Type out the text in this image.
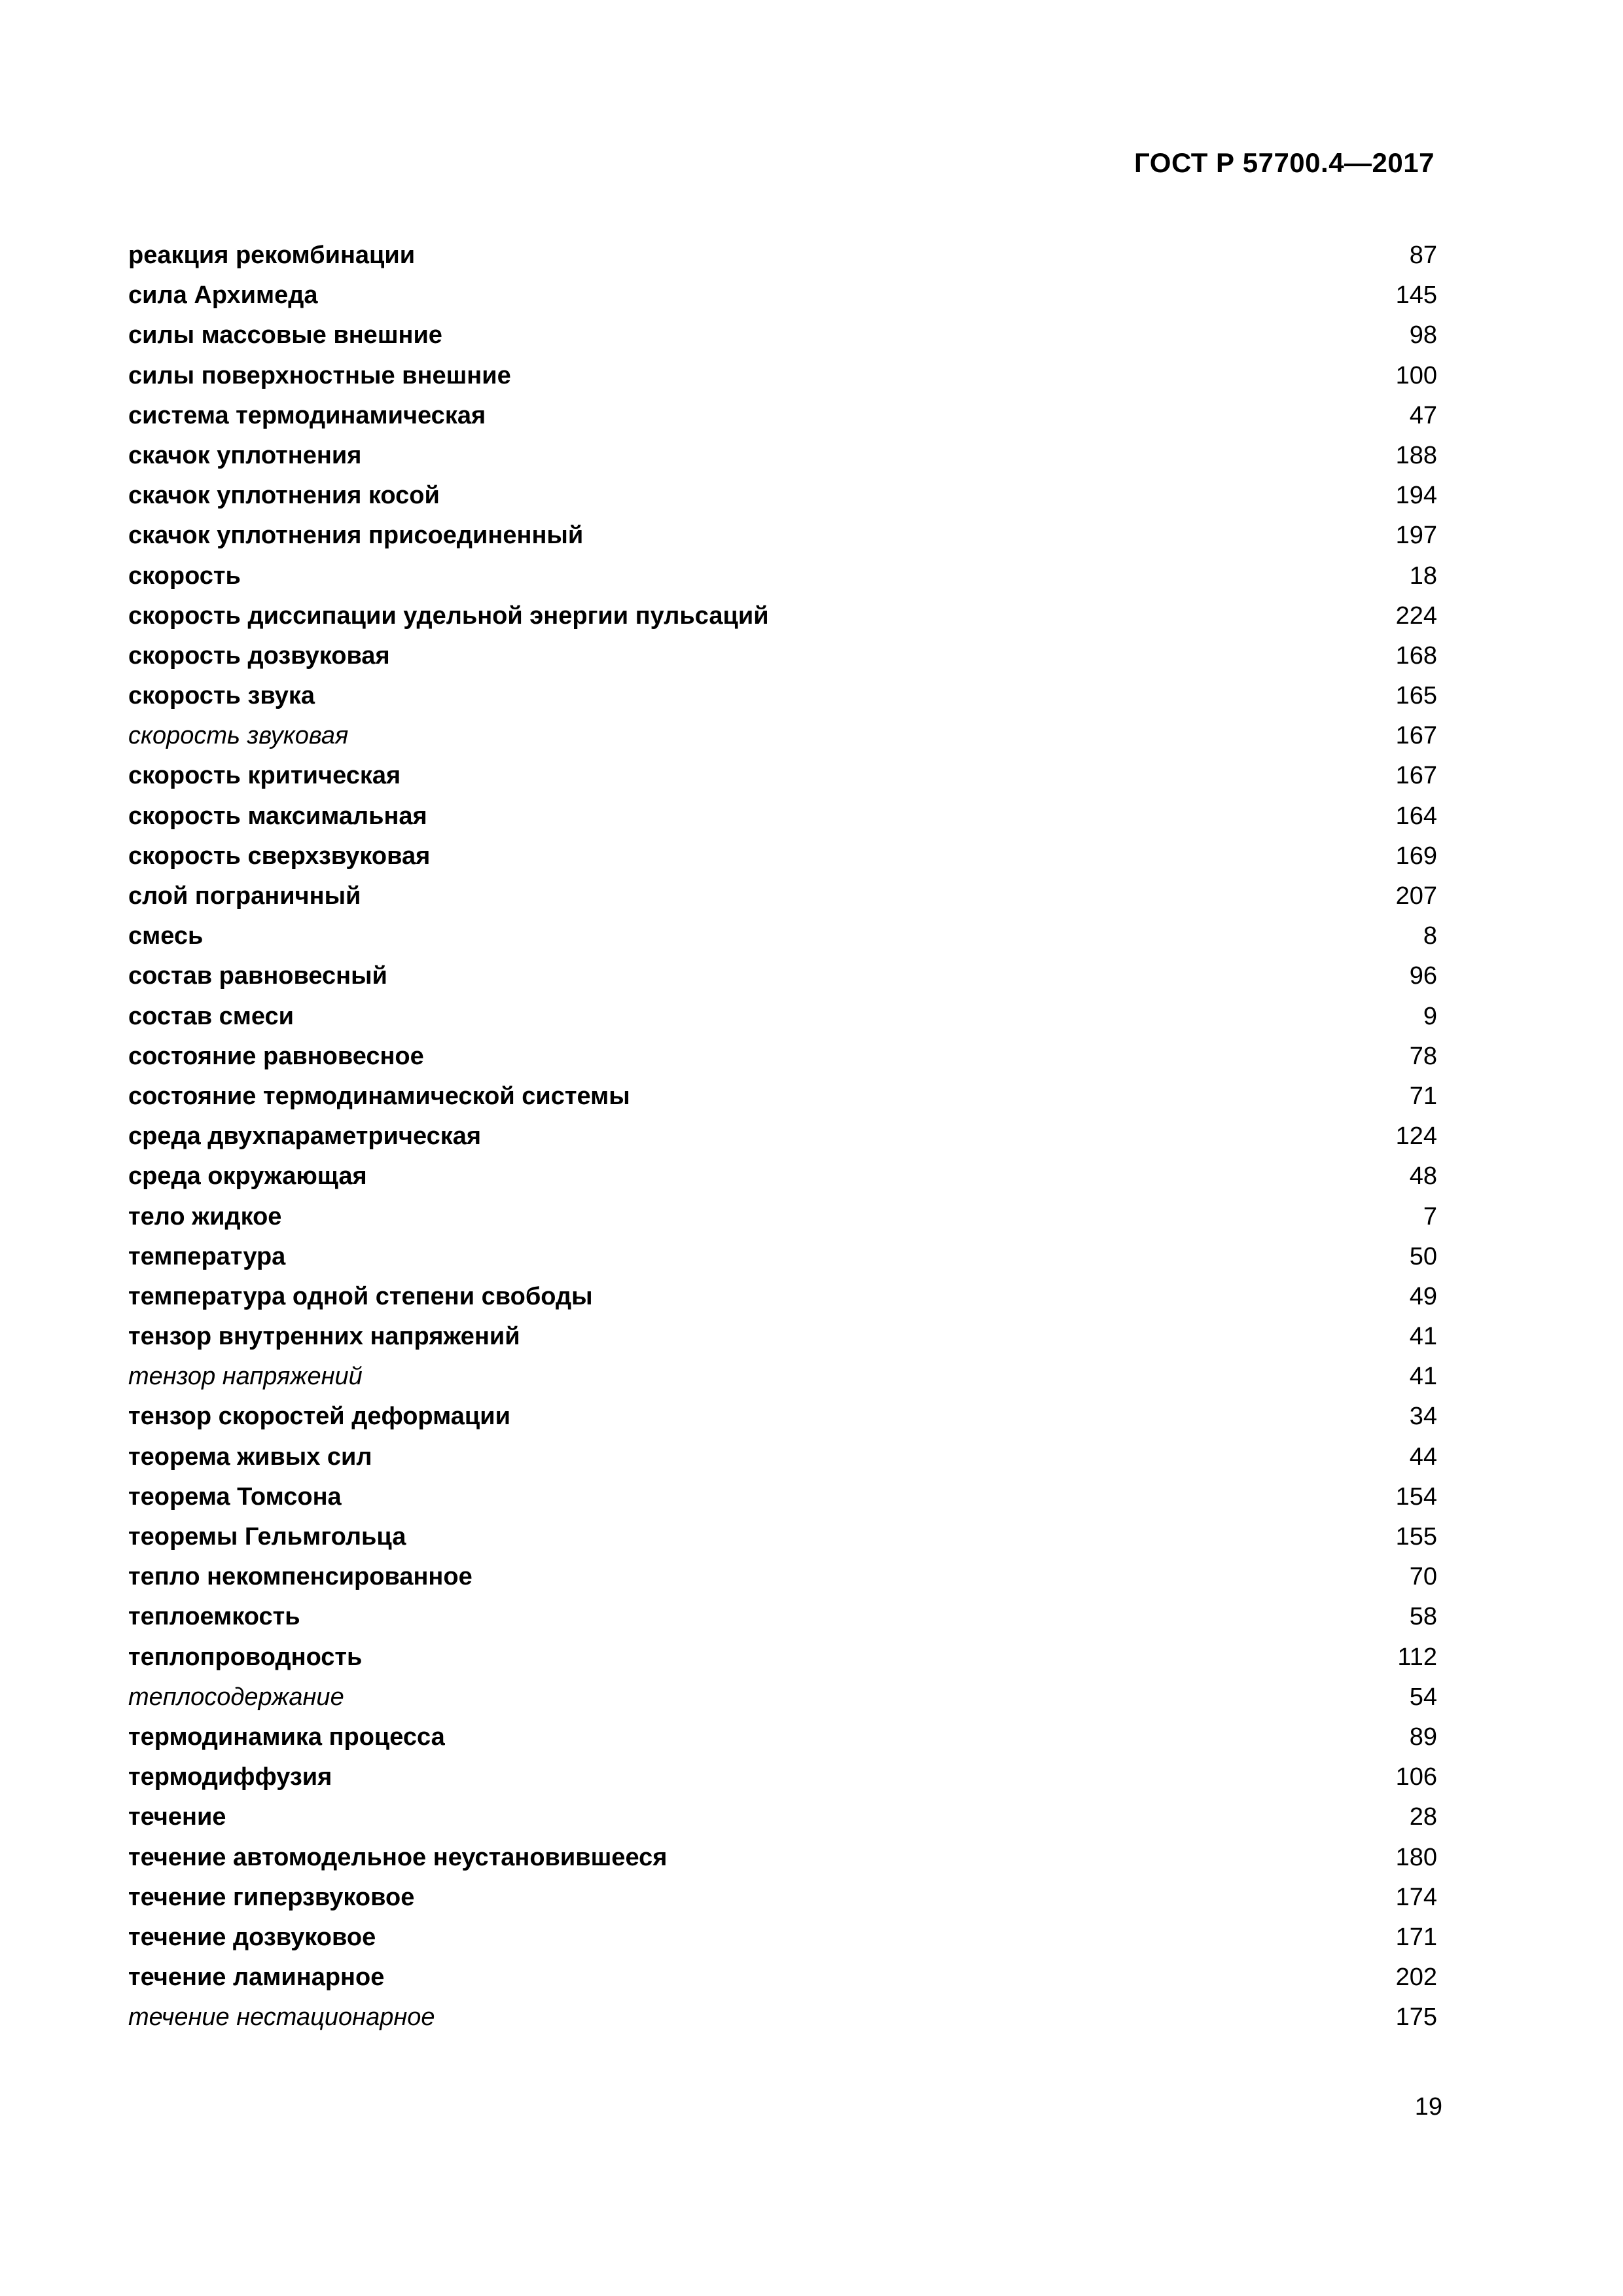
ГОСТ Р 57700.4—2017
реакция рекомбинации	87
сила Архимеда	145
силы массовые внешние	98
силы поверхностные внешние	100
система термодинамическая	47
скачок уплотнения	188
скачок уплотнения косой	194
скачок уплотнения присоединенный	197
скорость	18
скорость диссипации удельной энергии пульсаций	224
скорость дозвуковая	168
скорость звука	165
скорость звуковая	167
скорость критическая	167
скорость максимальная	164
скорость сверхзвуковая	169
слой пограничный	207
смесь	8
состав равновесный	96
состав смеси	9
состояние равновесное	78
состояние термодинамической системы	71
среда двухпараметрическая	124
среда окружающая	48
тело жидкое	7
температура	50
температура одной степени свободы	49
тензор внутренних напряжений	41
тензор напряжений	41
тензор скоростей деформации	34
теорема живых сил	44
теорема Томсона	154
теоремы Гельмгольца	155
тепло некомпенсированное	70
теплоемкость	58
теплопроводность	112
теплосодержание	54
термодинамика процесса	89
термодиффузия	106
течение	28
течение автомодельное неустановившееся	180
течение гиперзвуковое	174
течение дозвуковое	171
течение ламинарное	202
течение нестационарное	175
19
